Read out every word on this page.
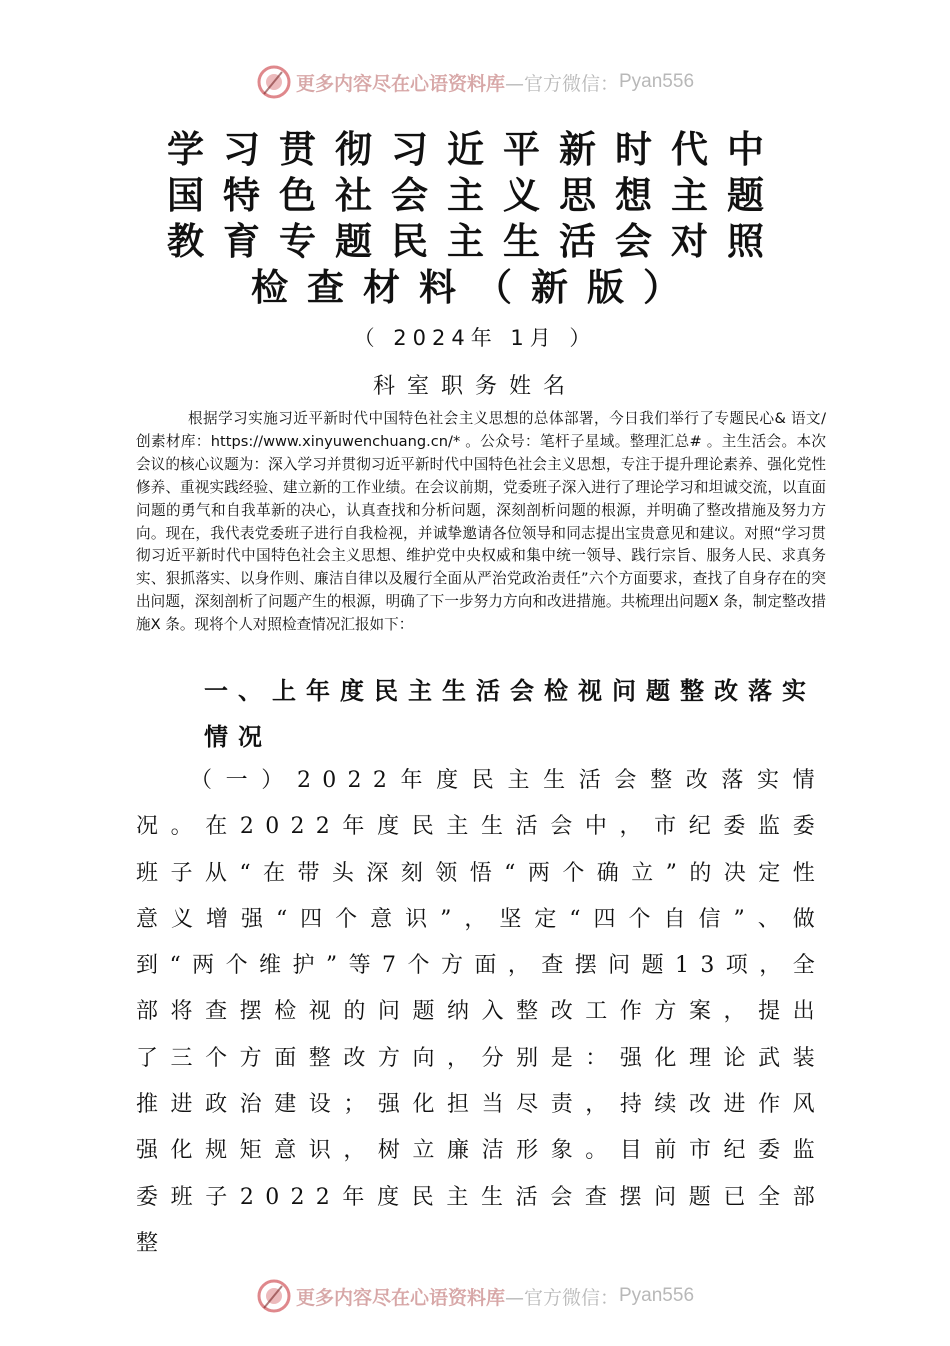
更多内容尽在心语资料库 —官方微信： Pyan556
学习贯彻习近平新时代中国特色社会主义思想主题教育专题民主生活会对照检查材料（新版）
（ 2024年 1月 ）
科室职务姓名

根据学习实施习近平新时代中国特色社会主义思想的总体部署，今日我们举行了专题民心& 语文/ 创素材库：https://www.xinyuwenchuang.cn/* 。公众号：笔杆子星域。整理汇总# 。主生活会。本次会议的核心议题为：深入学习并贯彻习近平新时代中国特色社会主义思想，专注于提升理论素养、强化党性修养、重视实践经验、建立新的工作业绩。在会议前期，党委班子深入进行了理论学习和坦诚交流，以直面问题的勇气和自我革新的决心，认真查找和分析问题，深刻剖析问题的根源，并明确了整改措施及努力方向。现在，我代表党委班子进行自我检视，并诚挚邀请各位领导和同志提出宝贵意见和建议。对照“学习贯彻习近平新时代中国特色社会主义思想、维护党中央权威和集中统一领导、践行宗旨、服务人民、求真务实、狠抓落实、以身作则、廉洁自律以及履行全面从严治党政治责任”六个方面要求，查找了自身存在的突出问题，深刻剖析了问题产生的根源，明确了下一步努力方向和改进措施。共梳理出问题X 条，制定整改措施X 条。现将个人对照检查情况汇报如下：

一、上年度民主生活会检视问题整改落实情况

（一）2022年度民主生活会整改落实情况。在2022年度民主生活会中，市纪委监委班子从“在带头深刻领悟“两个确立”的决定性意义增强“四个意识”，坚定“四个自信”、做到“两个维护”等7个方面，查摆问题13项，全部将查摆检视的问题纳入整改工作方案，提出了三个方面整改方向，分别是：强化理论武装推进政治建设；强化担当尽责，持续改进作风强化规矩意识，树立廉洁形象。目前市纪委监委班子2022年度民主生活会查摆问题已全部整

更多内容尽在心语资料库 —官方微信： Pyan556
